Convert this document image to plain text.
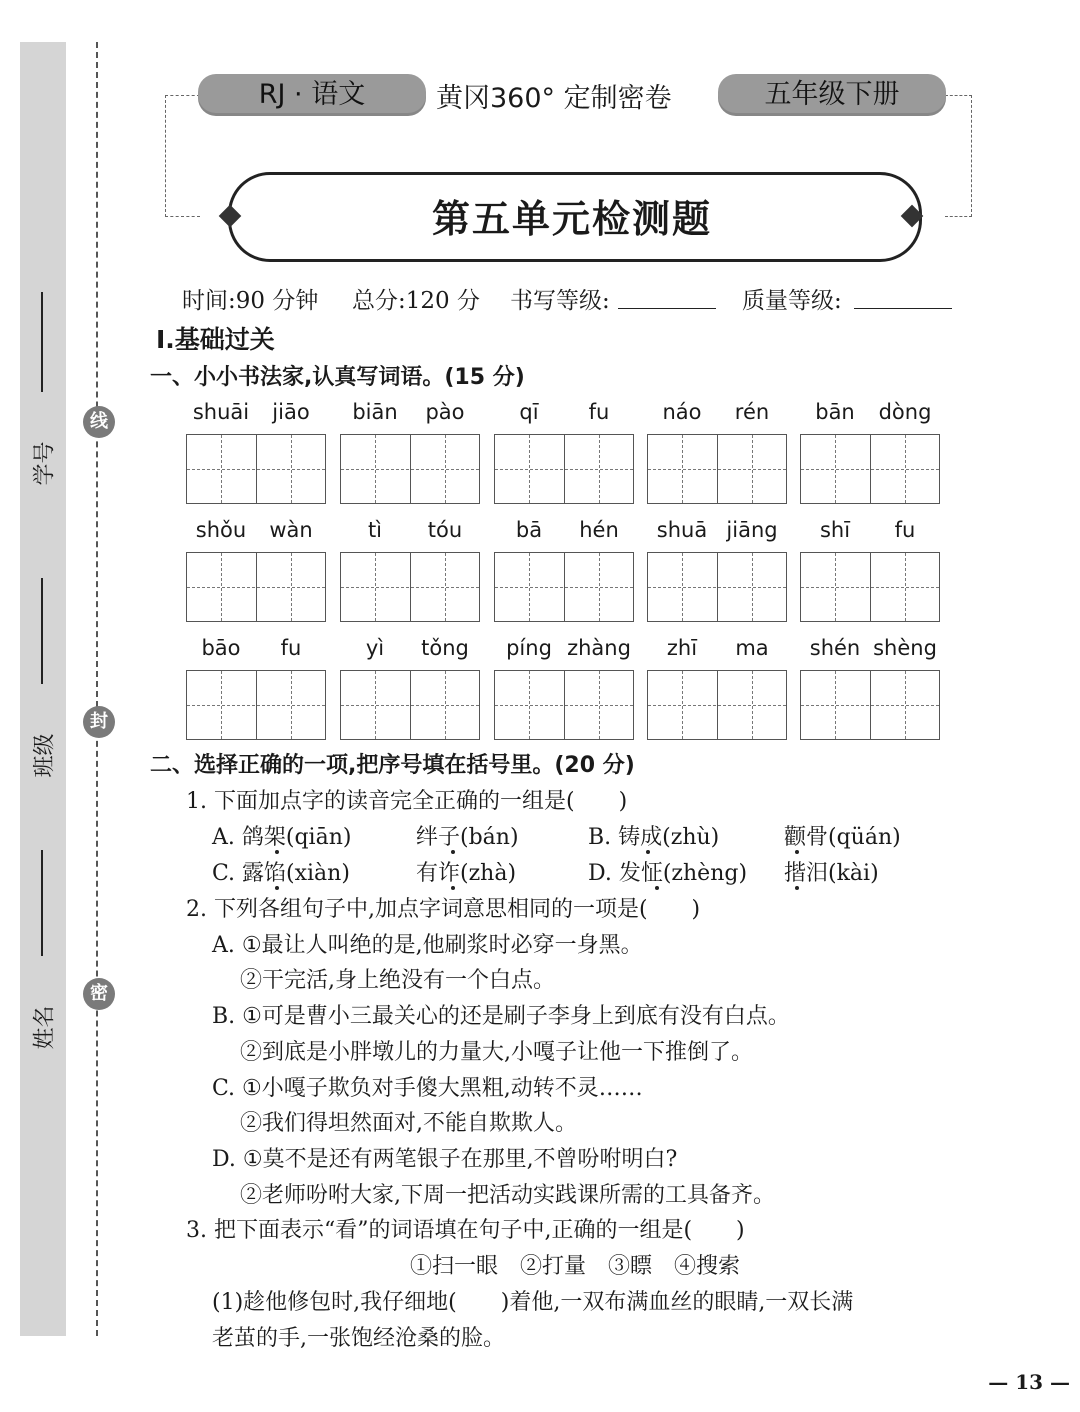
线
封
密
学号
班级
姓名
RJ · 语文	黄冈360° 定制密卷	五年级下册
第五单元检测题
时间:90 分钟 总分:120 分 书写等级:	质量等级:
Ⅰ.基础过关
一、小小书法家,认真写词语。(15 分)
shuāi	jiāo	biān	pào	qī	fu	náo	rén	bān	dòng
shǒu	wàn	tì	tóu	bā	hén	shuā jiāng	shī	fu
bāo	fu	yì	tǒng	píng zhàng	zhī	ma	shén shèng
二、选择正确的一项,把序号填在括号里。(20 分)
1. 下面加点字的读音完全正确的一组是(　　)
A. 鸽架(qiān)	绊子(bán)	B. 铸成(zhù)	颧骨(qüán)
C. 露馅(xiàn)	有诈(zhà)	D. 发怔(zhèng) 揩汨(kài)
2. 下列各组句子中,加点字词意思相同的一项是(　　)
A. ①最让人叫绝的是,他刷浆时必穿一身黑。
②干完活,身上绝没有一个白点。
B. ①可是曹小三最关心的还是刷子李身上到底有没有白点。
②到底是小胖墩儿的力量大,小嘎子让他一下推倒了。
C. ①小嘎子欺负对手傻大黑粗,动转不灵……
②我们得坦然面对,不能自欺欺人。
D. ①莫不是还有两笔银子在那里,不曾吩咐明白?
②老师吩咐大家,下周一把活动实践课所需的工具备齐。
3. 把下面表示“看”的词语填在句子中,正确的一组是(　　)
①扫一眼　②打量　③瞟　④搜索
(1)趁他修包时,我仔细地(　　)着他,一双布满血丝的眼睛,一双长满
老茧的手,一张饱经沧桑的脸。
— 13 —
